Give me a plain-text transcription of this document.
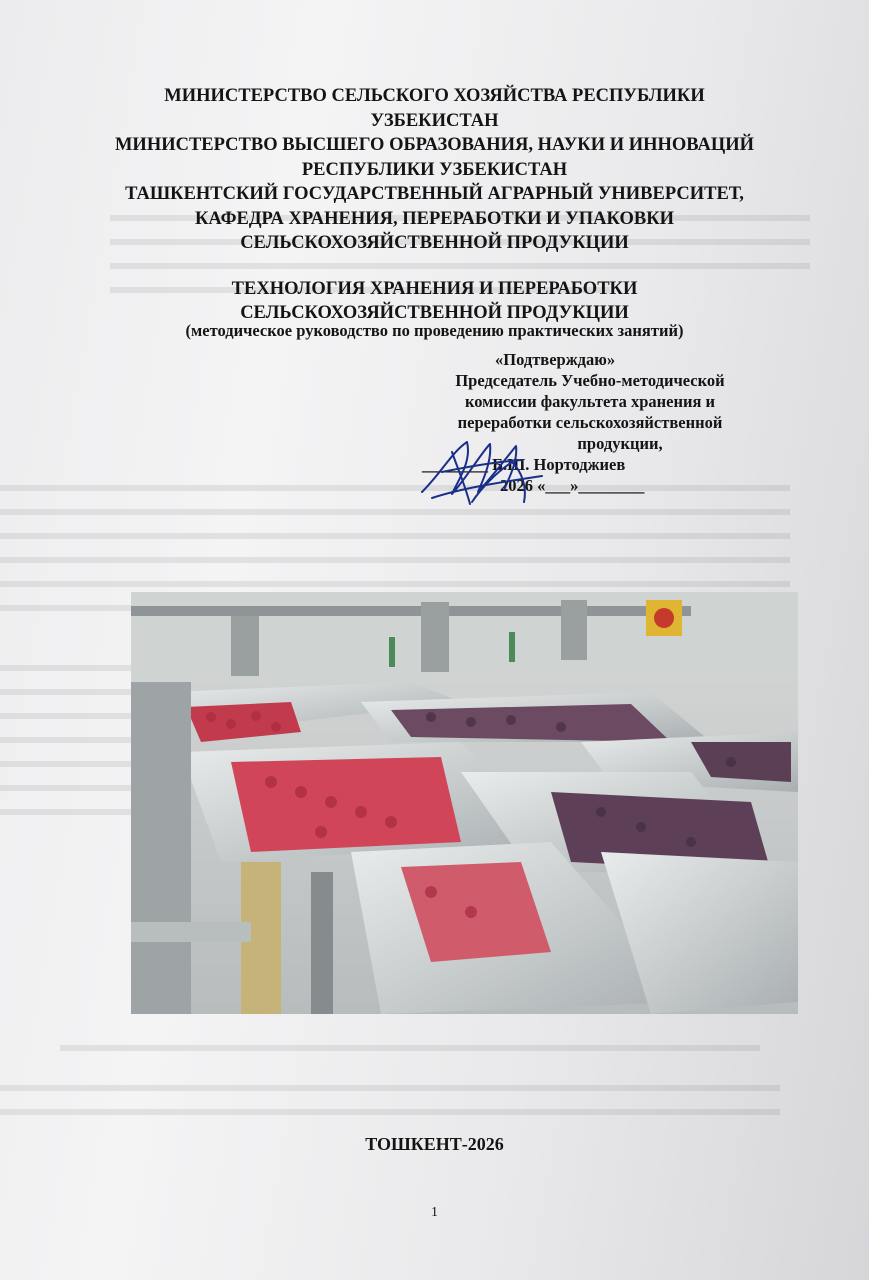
МИНИСТЕРСТВО СЕЛЬСКОГО ХОЗЯЙСТВА РЕСПУБЛИКИ
УЗБЕКИСТАН
МИНИСТЕРСТВО ВЫСШЕГО ОБРАЗОВАНИЯ, НАУКИ И ИННОВАЦИЙ
РЕСПУБЛИКИ УЗБЕКИСТАН
ТАШКЕНТСКИЙ ГОСУДАРСТВЕННЫЙ АГРАРНЫЙ УНИВЕРСИТЕТ,
КАФЕДРА ХРАНЕНИЯ, ПЕРЕРАБОТКИ И УПАКОВКИ
СЕЛЬСКОХОЗЯЙСТВЕННОЙ ПРОДУКЦИИ
ТЕХНОЛОГИЯ ХРАНЕНИЯ И ПЕРЕРАБОТКИ
СЕЛЬСКОХОЗЯЙСТВЕННОЙ ПРОДУКЦИИ
(методическое руководство по проведению практических занятий)
«Подтверждаю»
Председатель Учебно-методической
комиссии факультета хранения и
переработки сельскохозяйственной
продукции,
________ Б.Ш. Нортоджиев
2026 «___»________
ТОШКЕНТ-2026
1
